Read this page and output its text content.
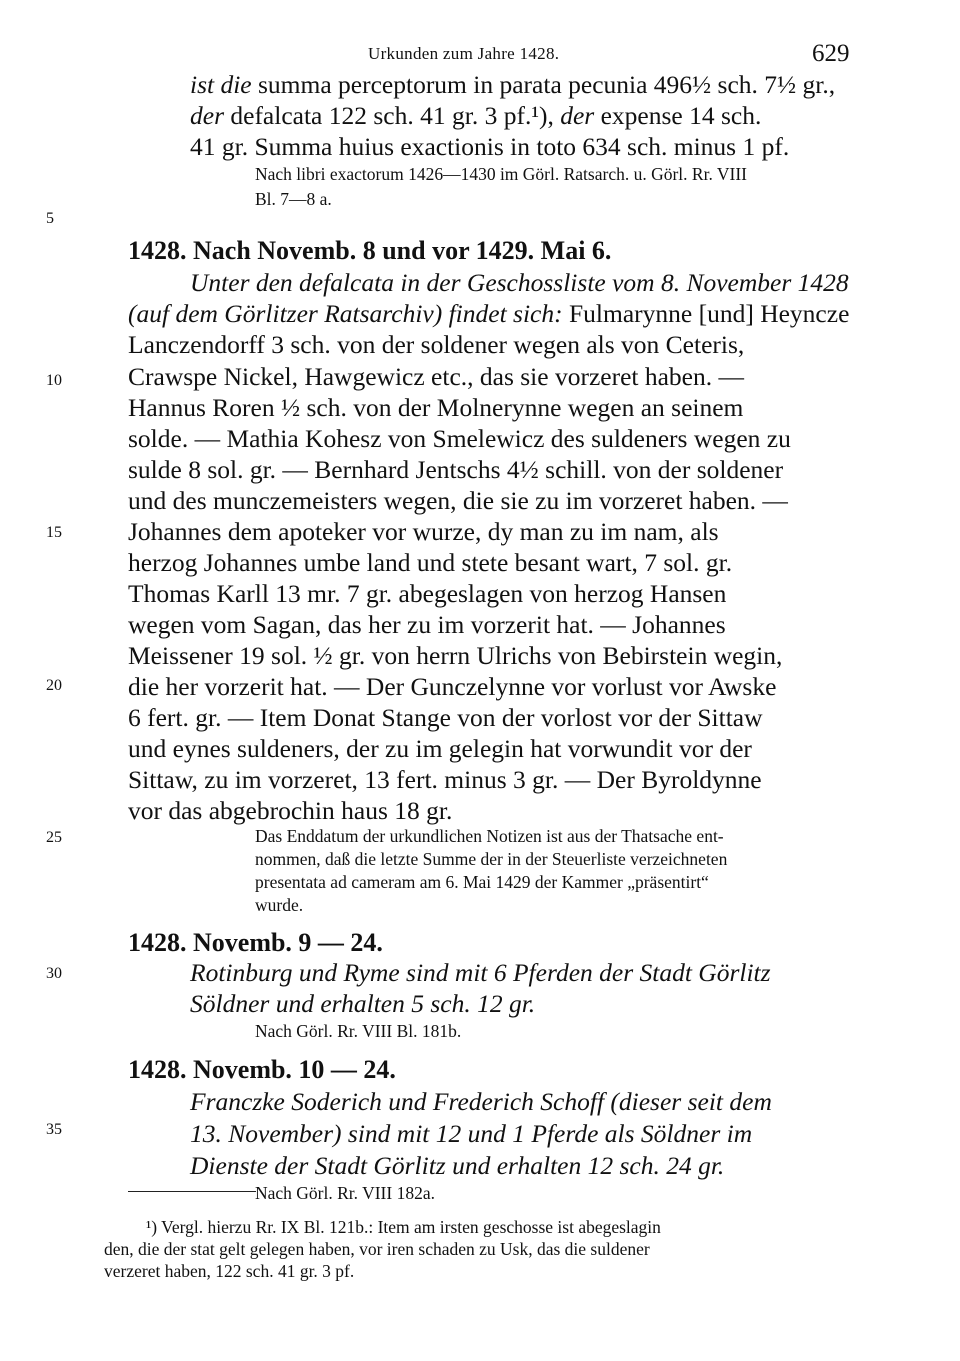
Urkunden zum Jahre 1428.	629
5
10
15
20
25
30
35
ist die summa perceptorum in parata pecunia 496½ sch. 7½ gr.,
der defalcata 122 sch. 41 gr. 3 pf.¹), der expense 14 sch.
41 gr. Summa huius exactionis in toto 634 sch. minus 1 pf.
Nach libri exactorum 1426—1430 im Görl. Ratsarch. u. Görl. Rr. VIII
Bl. 7—8 a.
1428. Nach Novemb. 8 und vor 1429. Mai 6.
Unter den defalcata in der Geschossliste vom 8. November 1428
(auf dem Görlitzer Ratsarchiv) findet sich: Fulmarynne [und] Heyncze
Lanczendorff 3 sch. von der soldener wegen als von Ceteris,
Crawspe Nickel, Hawgewicz etc., das sie vorzeret haben. —
Hannus Roren ½ sch. von der Molnerynne wegen an seinem
solde. — Mathia Kohesz von Smelewicz des suldeners wegen zu
sulde 8 sol. gr. — Bernhard Jentschs 4½ schill. von der soldener
und des munczemeisters wegen, die sie zu im vorzeret haben. —
Johannes dem apoteker vor wurze, dy man zu im nam, als
herzog Johannes umbe land und stete besant wart, 7 sol. gr.
Thomas Karll 13 mr. 7 gr. abegeslagen von herzog Hansen
wegen vom Sagan, das her zu im vorzerit hat. — Johannes
Meissener 19 sol. ½ gr. von herrn Ulrichs von Bebirstein wegin,
die her vorzerit hat. — Der Gunczelynne vor vorlust vor Awske
6 fert. gr. — Item Donat Stange von der vorlost vor der Sittaw
und eynes suldeners, der zu im gelegin hat vorwundit vor der
Sittaw, zu im vorzeret, 13 fert. minus 3 gr. — Der Byroldynne
vor das abgebrochin haus 18 gr.
Das Enddatum der urkundlichen Notizen ist aus der Thatsache ent-
nommen, daß die letzte Summe der in der Steuerliste verzeichneten
presentata ad cameram am 6. Mai 1429 der Kammer „präsentirt“
wurde.
1428. Novemb. 9 — 24.
Rotinburg und Ryme sind mit 6 Pferden der Stadt Görlitz
Söldner und erhalten 5 sch. 12 gr.
Nach Görl. Rr. VIII Bl. 181b.
1428. Novemb. 10 — 24.
Franczke Soderich und Frederich Schoff (dieser seit dem
13. November) sind mit 12 und 1 Pferde als Söldner im
Dienste der Stadt Görlitz und erhalten 12 sch. 24 gr.
Nach Görl. Rr. VIII 182a.
¹) Vergl. hierzu Rr. IX Bl. 121b.: Item am irsten geschosse ist abegeslagin
den, die der stat gelt gelegen haben, vor iren schaden zu Usk, das die suldener
verzeret haben, 122 sch. 41 gr. 3 pf.
